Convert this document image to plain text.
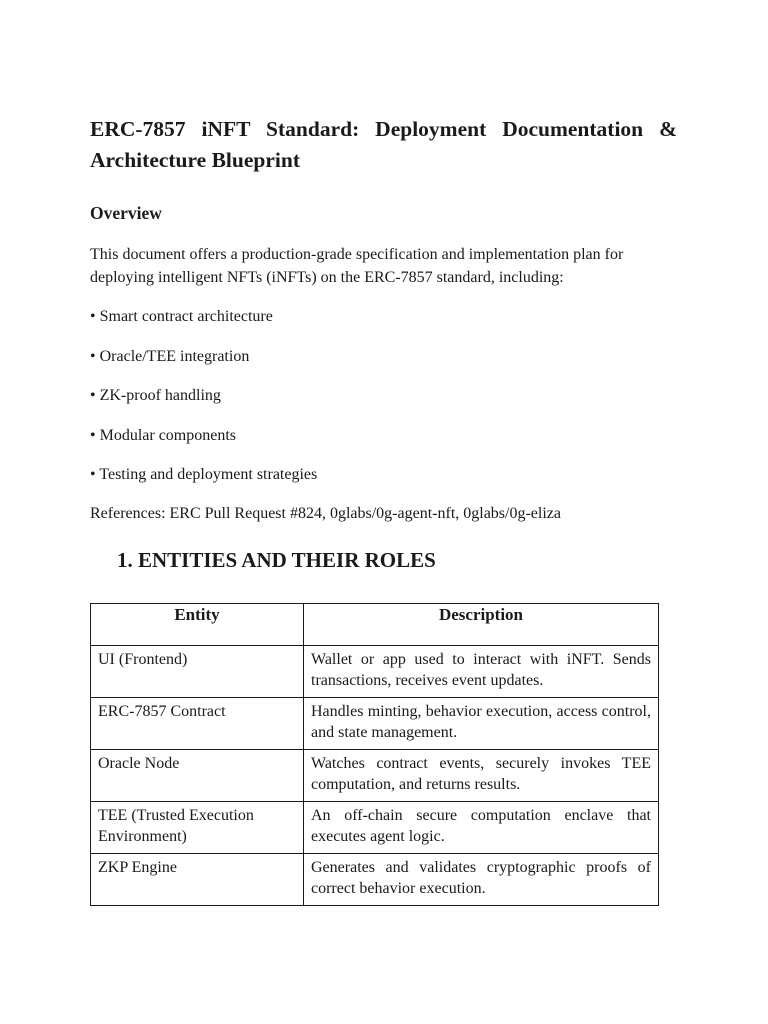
ERC-7857 iNFT Standard: Deployment Documentation & Architecture Blueprint
Overview

This document offers a production-grade specification and implementation plan for deploying intelligent NFTs (iNFTs) on the ERC-7857 standard, including:

• Smart contract architecture

• Oracle/TEE integration

• ZK-proof handling

• Modular components

• Testing and deployment strategies

References: ERC Pull Request #824, 0glabs/0g-agent-nft, 0glabs/0g-eliza

1. ENTITIES AND THEIR ROLES
Entity	Description
UI (Frontend)	Wallet or app used to interact with iNFT. Sends transactions, receives event updates.
ERC-7857 Contract	Handles minting, behavior execution, access control, and state management.
Oracle Node	Watches contract events, securely invokes TEE computation, and returns results.
TEE (Trusted Execution Environment)	An off-chain secure computation enclave that executes agent logic.
ZKP Engine	Generates and validates cryptographic proofs of correct behavior execution.
